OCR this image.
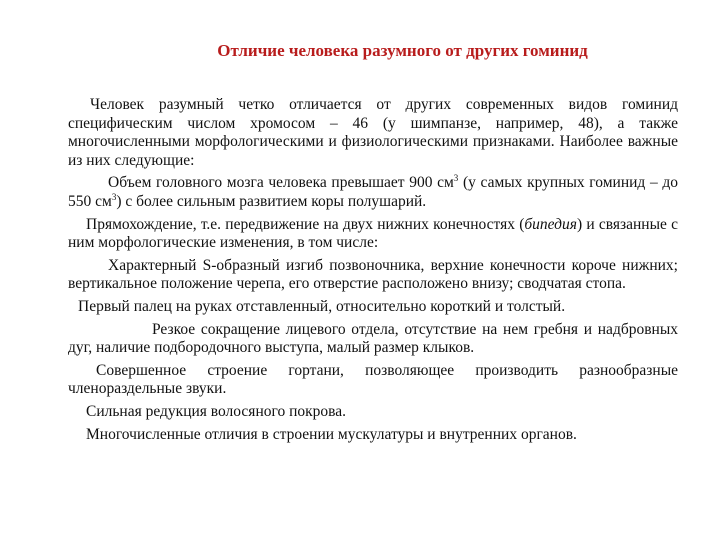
Отличие человека разумного от других гоминид

Человек разумный четко отличается от других современных видов гоминид специфическим числом хромосом – 46 (у шимпанзе, например, 48), а также многочисленными морфологическими и физиологическими признаками. Наиболее важные из них следующие:

Объем головного мозга человека превышает 900 $см^3$ (у самых крупных гоминид – до 550 $см^3$) с более сильным развитием коры полушарий.

Прямохождение, т.е. передвижение на двух нижних конечностях (бипедия) и связанные с ним морфологические изменения, в том числе:

Характерный S-образный изгиб позвоночника, верхние конечности короче нижних; вертикальное положение черепа, его отверстие расположено внизу; сводчатая стопа.

Первый палец на руках отставленный, относительно короткий и толстый.

Резкое сокращение лицевого отдела, отсутствие на нем гребня и надбровных дуг, наличие подбородочного выступа, малый размер клыков.

Совершенное строение гортани, позволяющее производить разнообразные членораздельные звуки.

Сильная редукция волосяного покрова.

Многочисленные отличия в строении мускулатуры и внутренних органов.
